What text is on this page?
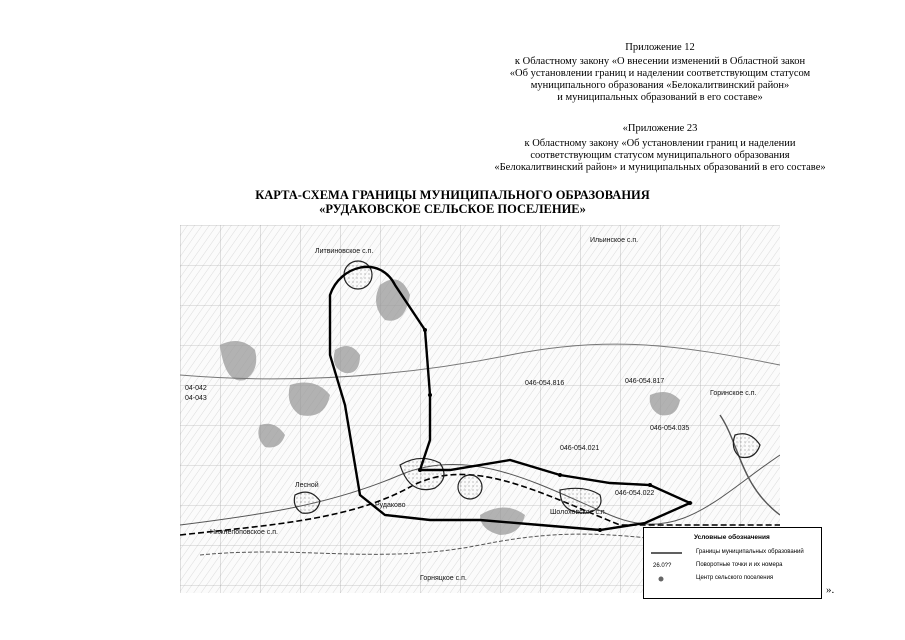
Приложение 12
к Областному закону «О внесении изменений в Областной закон
«Об установлении границ и наделении соответствующим статусом
муниципального образования «Белокалитвинский район»
и муниципальных образований в его составе»
«Приложение 23
к Областному закону «Об установлении границ и наделении
соответствующим статусом муниципального образования
«Белокалитвинский район» и муниципальных образований в его составе»
КАРТА-СХЕМА ГРАНИЦЫ МУНИЦИПАЛЬНОГО ОБРАЗОВАНИЯ
«РУДАКОВСКОЕ СЕЛЬСКОЕ ПОСЕЛЕНИЕ»
Литвиновское с.п.
Ильинское с.п.
Горинское с.п.
Нижнепоповское с.п.
Шолоховское с.п.
Горняцкое с.п.
Лесной
Рудаково
046-054.816	046-054.817
046-054.021
046-054.022
046-054.035
04-042
04-043
Условные обозначения
Границы муниципальных образований
26.0??	Поворотные точки и их номера
Центр сельского поселения
».
